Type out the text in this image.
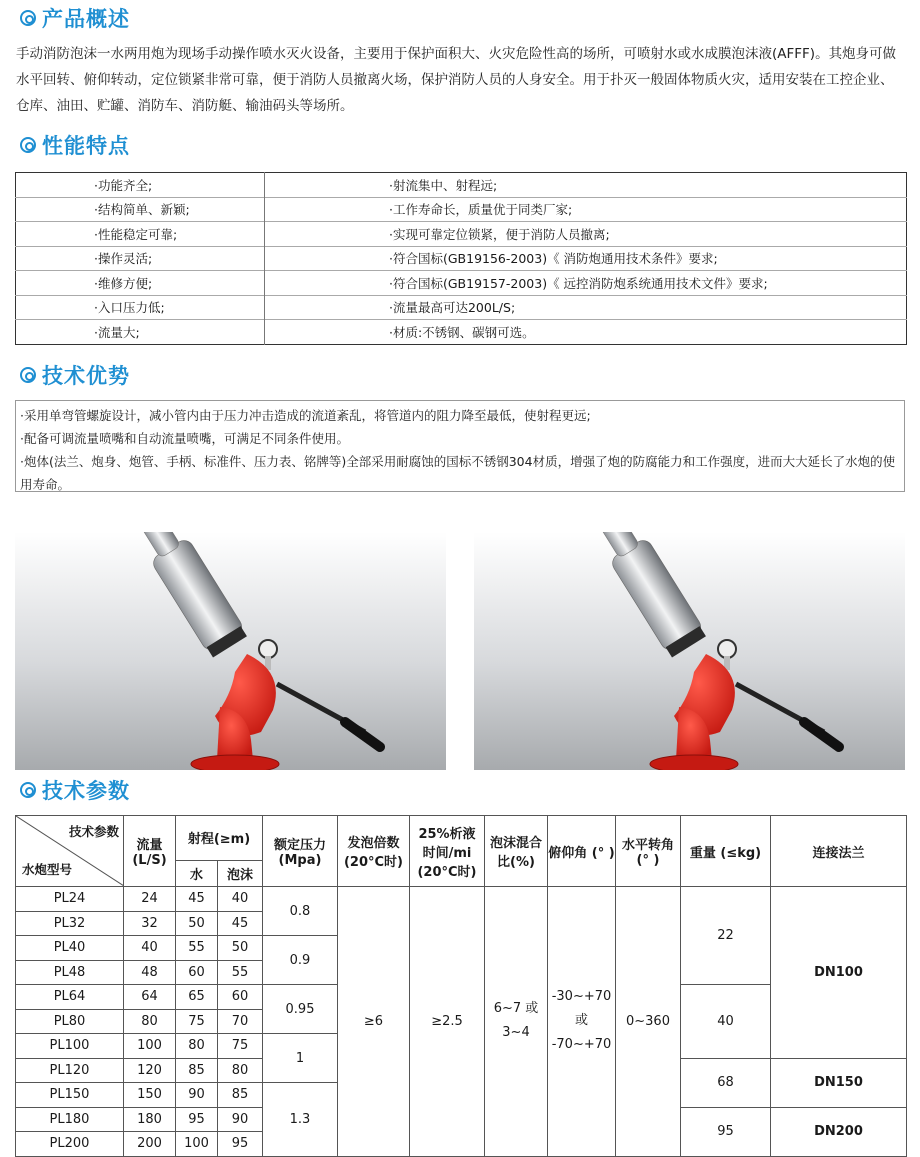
产品概述
手动消防泡沫一水两用炮为现场手动操作喷水灭火设备，主要用于保护面积大、火灾危险性高的场所，可喷射水或水成膜泡沫液(AFFF)。其炮身可做水平回转、俯仰转动，定位锁紧非常可靠，便于消防人员撤离火场，保护消防人员的人身安全。用于扑灭一般固体物质火灾，适用安装在工控企业、仓库、油田、贮罐、消防车、消防艇、输油码头等场所。
性能特点
·功能齐全;	·射流集中、射程远;
·结构简单、新颖;	·工作寿命长，质量优于同类厂家;
·性能稳定可靠;	·实现可靠定位锁紧，便于消防人员撤离;
·操作灵活;	·符合国标(GB19156-2003)《 消防炮通用技术条件》要求;
·维修方便;	·符合国标(GB19157-2003)《 远控消防炮系统通用技术文件》要求;
·入口压力低;	·流量最高可达200L/S;
·流量大;	·材质:不锈钢、碳钢可选。
技术优势
·采用单弯管螺旋设计，减小管内由于压力冲击造成的流道紊乱，将管道内的阻力降至最低，使射程更远;
·配备可调流量喷嘴和自动流量喷嘴，可满足不同条件使用。
·炮体(法兰、炮身、炮管、手柄、标准件、压力表、铭牌等)全部采用耐腐蚀的国标不锈钢304材质，增强了炮的防腐能力和工作强度，进而大大延长了水炮的使用寿命。
技术参数
技术参数
水炮型号	流量 (L/S)	射程(≥m)		额定压力 (Mpa)	发泡倍数 (20°C时)	25%析液 时间/mi (20°C时)	泡沫混合 比(%)	俯仰角 (° )	水平转角 (° )	重量 (≤kg)	连接法兰
		水	泡沫								
PL24	24	45	40	0.8	≥6	≥2.5	6~7 或 3~4	-30~+70 或 -70~+70	0~360	22	DN100
PL32	32	50	45								
PL40	40	55	50	0.9							
PL48	48	60	55								
PL64	64	65	60	0.95						40	
PL80	80	75	70								
PL100	100	80	75	1							
PL120	120	85	80							68	DN150
PL150	150	90	85	1.3							
PL180	180	95	90							95	DN200
PL200	200	100	95								
